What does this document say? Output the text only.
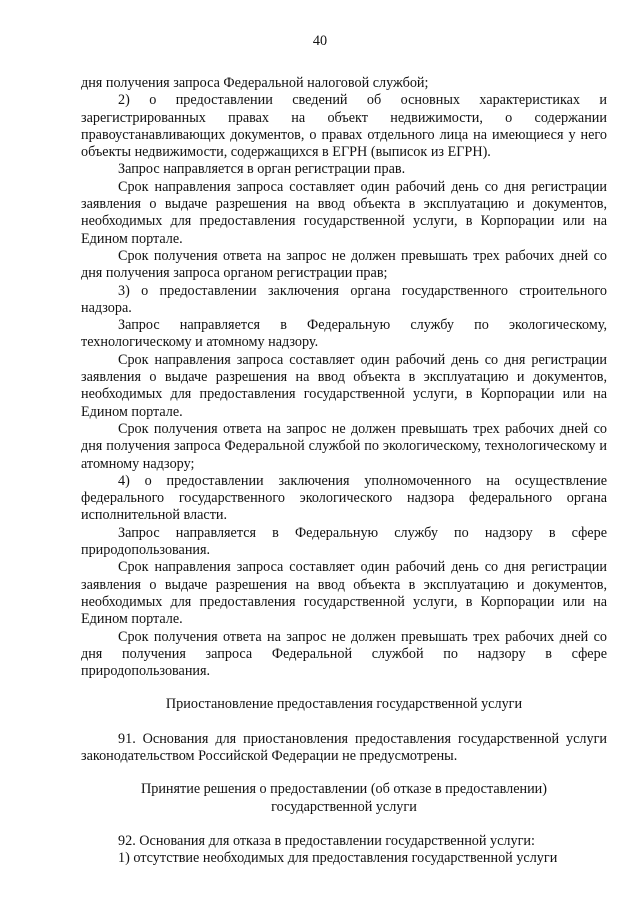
40

дня получения запроса Федеральной налоговой службой;

2) о предоставлении сведений об основных характеристиках и зарегистрированных правах на объект недвижимости, о содержании правоустанавливающих документов, о правах отдельного лица на имеющиеся у него объекты недвижимости, содержащихся в ЕГРН (выписок из ЕГРН).

Запрос направляется в орган регистрации прав.

Срок направления запроса составляет один рабочий день со дня регистрации заявления о выдаче разрешения на ввод объекта в эксплуатацию и документов, необходимых для предоставления государственной услуги, в Корпорации или на Едином портале.

Срок получения ответа на запрос не должен превышать трех рабочих дней со дня получения запроса органом регистрации прав;

3) о предоставлении заключения органа государственного строительного надзора.

Запрос направляется в Федеральную службу по экологическому, технологическому и атомному надзору.

Срок направления запроса составляет один рабочий день со дня регистрации заявления о выдаче разрешения на ввод объекта в эксплуатацию и документов, необходимых для предоставления государственной услуги, в Корпорации или на Едином портале.

Срок получения ответа на запрос не должен превышать трех рабочих дней со дня получения запроса Федеральной службой по экологическому, технологическому и атомному надзору;

4) о предоставлении заключения уполномоченного на осуществление федерального государственного экологического надзора федерального органа исполнительной власти.

Запрос направляется в Федеральную службу по надзору в сфере природопользования.

Срок направления запроса составляет один рабочий день со дня регистрации заявления о выдаче разрешения на ввод объекта в эксплуатацию и документов, необходимых для предоставления государственной услуги, в Корпорации или на Едином портале.

Срок получения ответа на запрос не должен превышать трех рабочих дней со дня получения запроса Федеральной службой по надзору в сфере природопользования.

Приостановление предоставления государственной услуги

91. Основания для приостановления предоставления государственной услуги законодательством Российской Федерации не предусмотрены.

Принятие решения о предоставлении (об отказе в предоставлении)

государственной услуги

92. Основания для отказа в предоставлении государственной услуги:

1) отсутствие необходимых для предоставления государственной услуги
